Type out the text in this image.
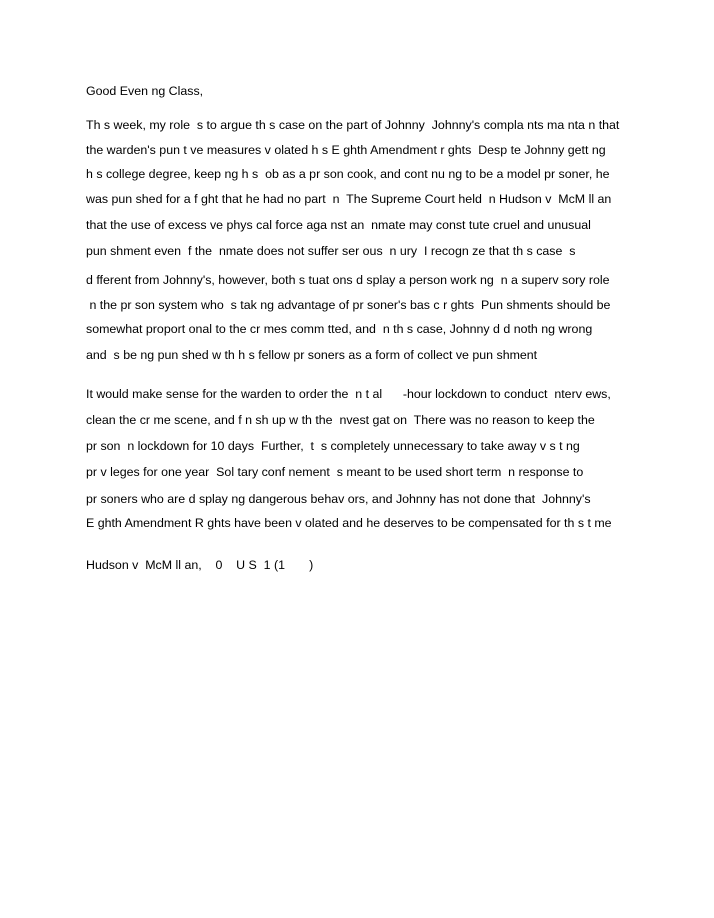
Good Even ng Class,
Th s week, my role  s to argue th s case on the part of Johnny  Johnny's compla nts ma nta n that
the warden's pun t ve measures v olated h s E ghth Amendment r ghts  Desp te Johnny gett ng
h s college degree, keep ng h s  ob as a pr son cook, and cont nu ng to be a model pr soner, he
was pun shed for a f ght that he had no part  n  The Supreme Court held  n Hudson v  McM ll an
that the use of excess ve phys cal force aga nst an  nmate may const tute cruel and unusual
pun shment even  f the  nmate does not suffer ser ous  n ury  I recogn ze that th s case  s
d fferent from Johnny's, however, both s tuat ons d splay a person work ng  n a superv sory role
n the pr son system who  s tak ng advantage of pr soner's bas c r ghts  Pun shments should be
somewhat proport onal to the cr mes comm tted, and  n th s case, Johnny d d noth ng wrong
and  s be ng pun shed w th h s fellow pr soners as a form of collect ve pun shment
It would make sense for the warden to order the  n t al      -hour lockdown to conduct  nterv ews,
clean the cr me scene, and f n sh up w th the  nvest gat on  There was no reason to keep the
pr son  n lockdown for 10 days  Further,  t  s completely unnecessary to take away v s t ng
pr v leges for one year  Sol tary conf nement  s meant to be used short term  n response to
pr soners who are d splay ng dangerous behav ors, and Johnny has not done that  Johnny's
E ghth Amendment R ghts have been v olated and he deserves to be compensated for th s t me
Hudson v  McM ll an,    0    U S  1 (1       )
